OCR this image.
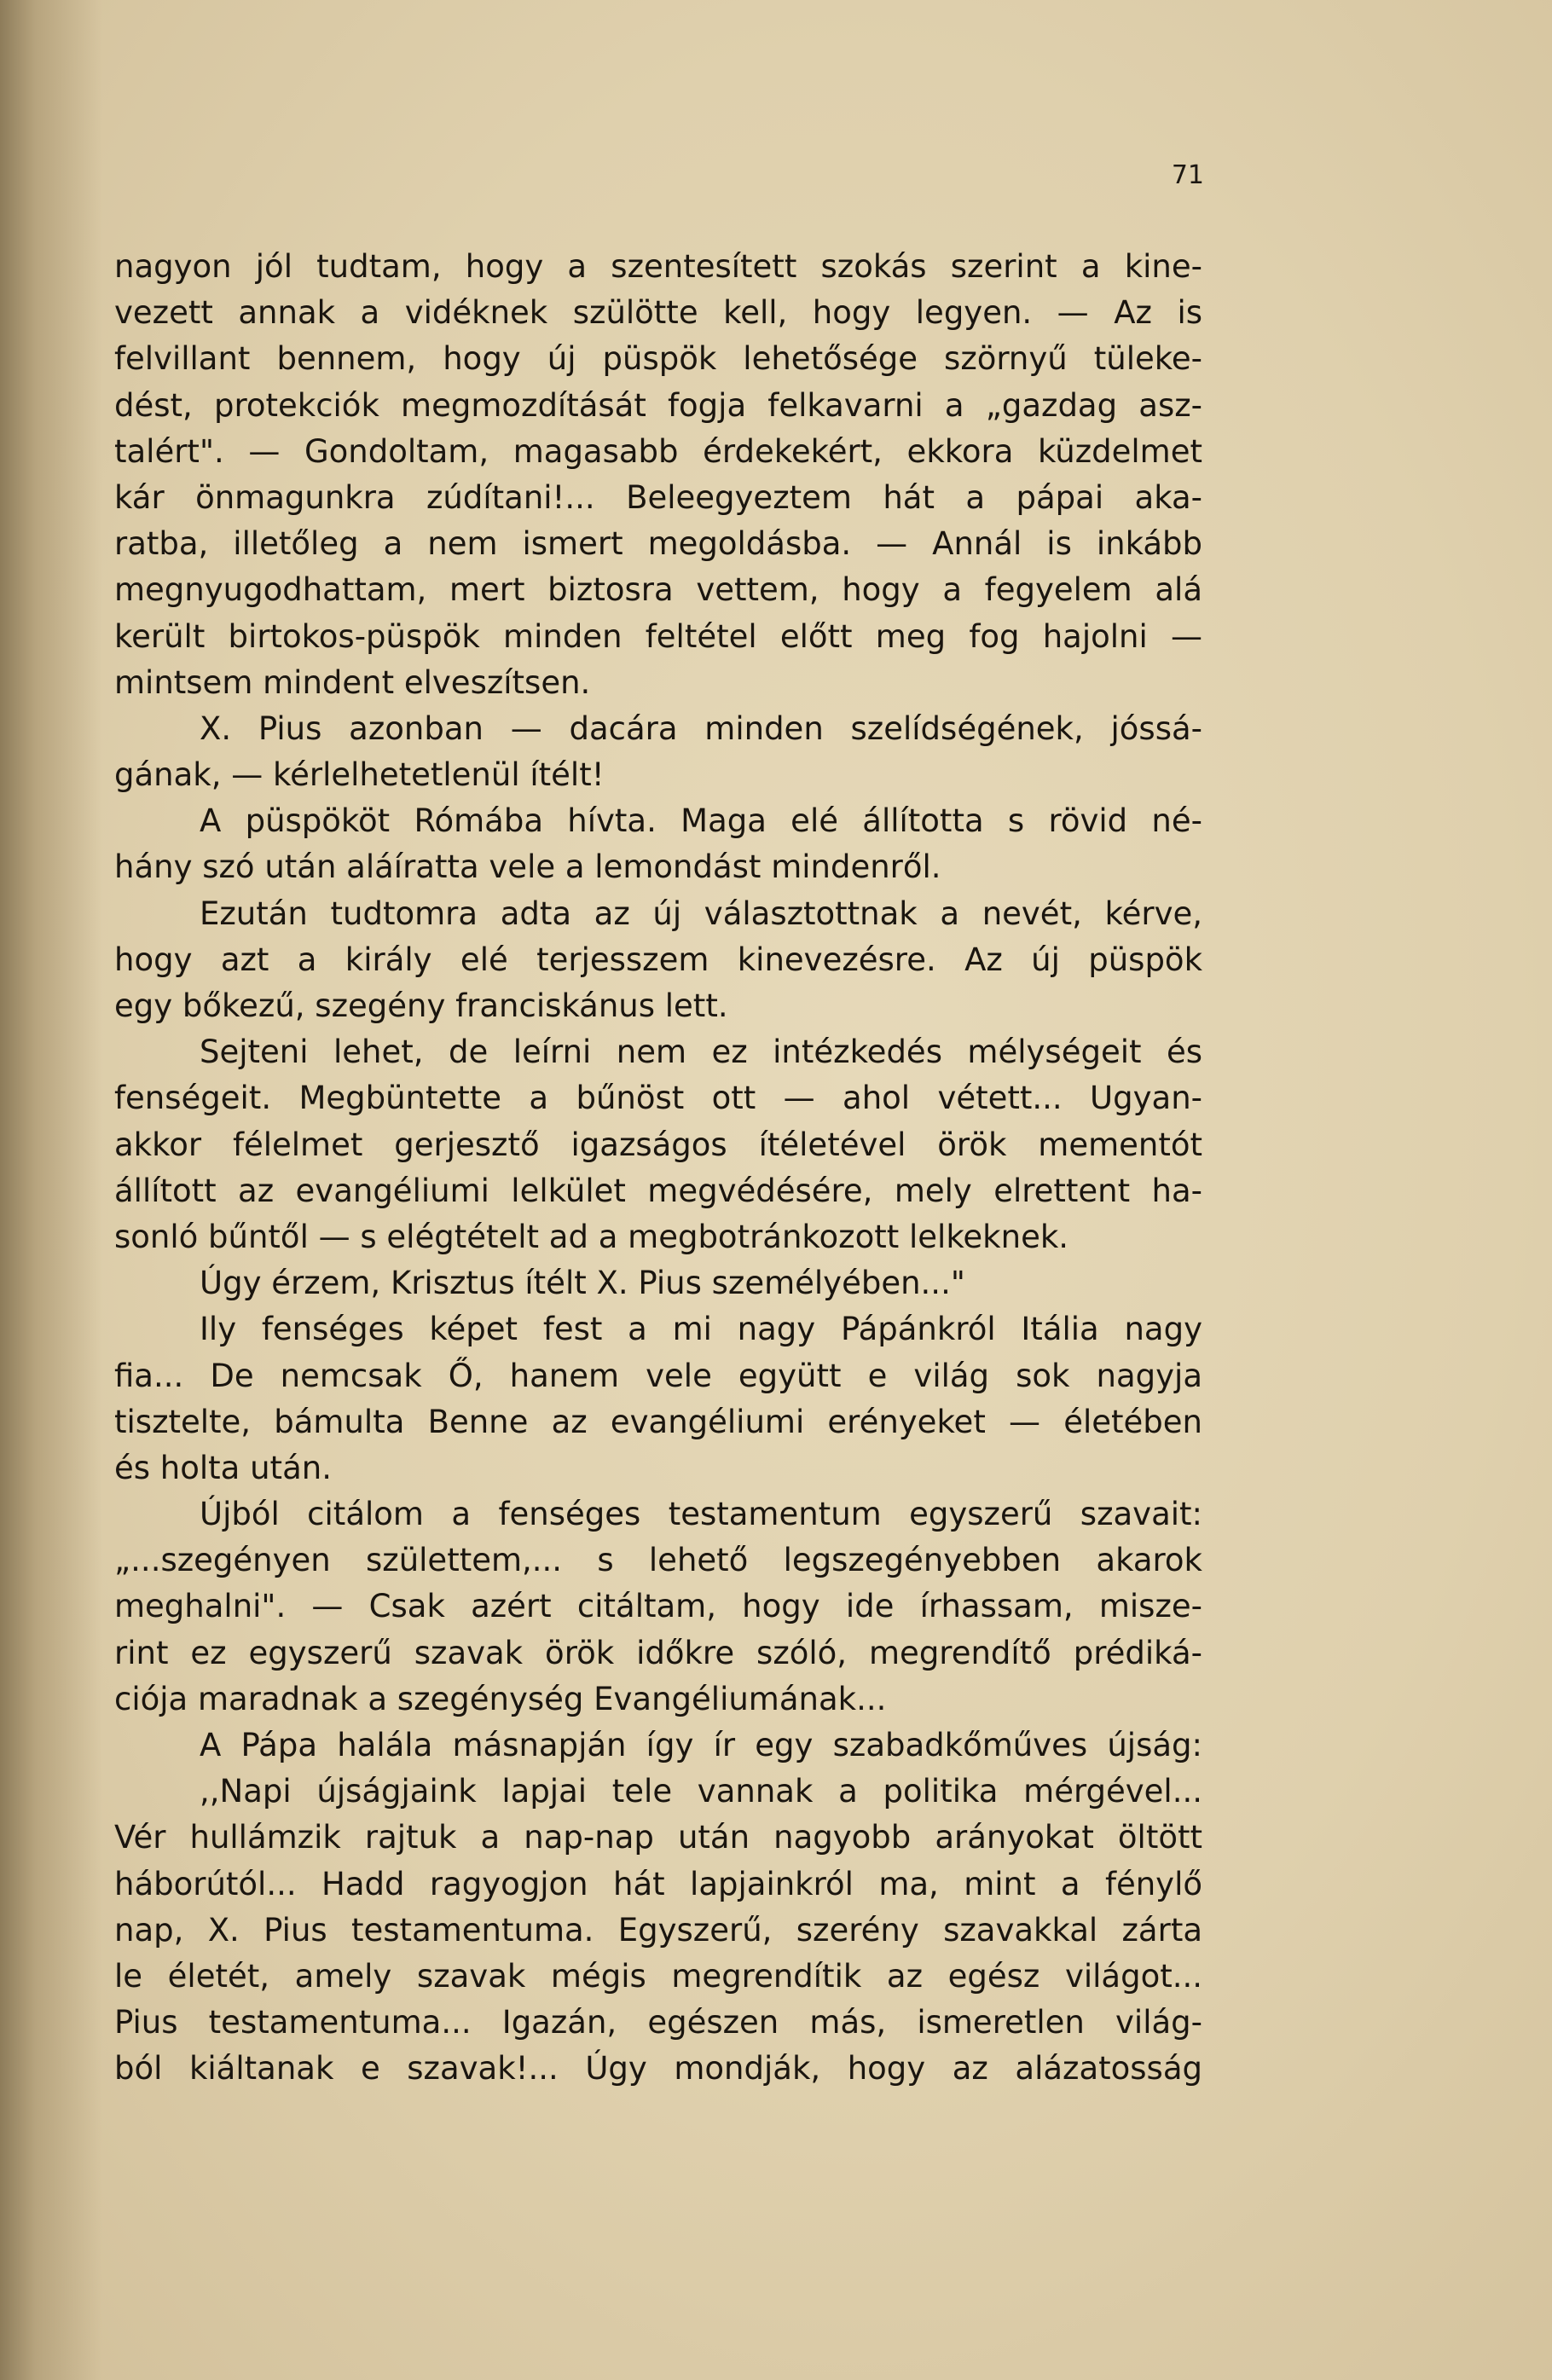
71
nagyon jól tudtam, hogy a szentesített szokás szerint a kine-
vezett annak a vidéknek szülötte kell, hogy legyen. — Az is
felvillant bennem, hogy új püspök lehetősége szörnyű tüleke-
dést, protekciók megmozdítását fogja felkavarni a „gazdag asz-
talért". — Gondoltam, magasabb érdekekért, ekkora küzdelmet
kár önmagunkra zúdítani!... Beleegyeztem hát a pápai aka-
ratba, illetőleg a nem ismert megoldásba. — Annál is inkább
megnyugodhattam, mert biztosra vettem, hogy a fegyelem alá
került birtokos-püspök minden feltétel előtt meg fog hajolni —
mintsem mindent elveszítsen.
X. Pius azonban — dacára minden szelídségének, jóssá-
gának, — kérlelhetetlenül ítélt!
A püspököt Rómába hívta. Maga elé állította s rövid né-
hány szó után aláíratta vele a lemondást mindenről.
Ezután tudtomra adta az új választottnak a nevét, kérve,
hogy azt a király elé terjesszem kinevezésre. Az új püspök
egy bőkezű, szegény franciskánus lett.
Sejteni lehet, de leírni nem ez intézkedés mélységeit és
fenségeit. Megbüntette a bűnöst ott — ahol vétett... Ugyan-
akkor félelmet gerjesztő igazságos ítéletével örök mementót
állított az evangéliumi lelkület megvédésére, mely elrettent ha-
sonló bűntől — s elégtételt ad a megbotránkozott lelkeknek.
Úgy érzem, Krisztus ítélt X. Pius személyében..."
Ily fenséges képet fest a mi nagy Pápánkról Itália nagy
fia... De nemcsak Ő, hanem vele együtt e világ sok nagyja
tisztelte, bámulta Benne az evangéliumi erényeket — életében
és holta után.
Újból citálom a fenséges testamentum egyszerű szavait:
„...szegényen születtem,... s lehető legszegényebben akarok
meghalni". — Csak azért citáltam, hogy ide írhassam, misze-
rint ez egyszerű szavak örök időkre szóló, megrendítő prédiká-
ciója maradnak a szegénység Evangéliumának...
A Pápa halála másnapján így ír egy szabadkőműves újság:
,,Napi újságjaink lapjai tele vannak a politika mérgével...
Vér hullámzik rajtuk a nap-nap után nagyobb arányokat öltött
háborútól... Hadd ragyogjon hát lapjainkról ma, mint a fénylő
nap, X. Pius testamentuma. Egyszerű, szerény szavakkal zárta
le életét, amely szavak mégis megrendítik az egész világot...
Pius testamentuma... Igazán, egészen más, ismeretlen világ-
ból kiáltanak e szavak!... Úgy mondják, hogy az alázatosság
